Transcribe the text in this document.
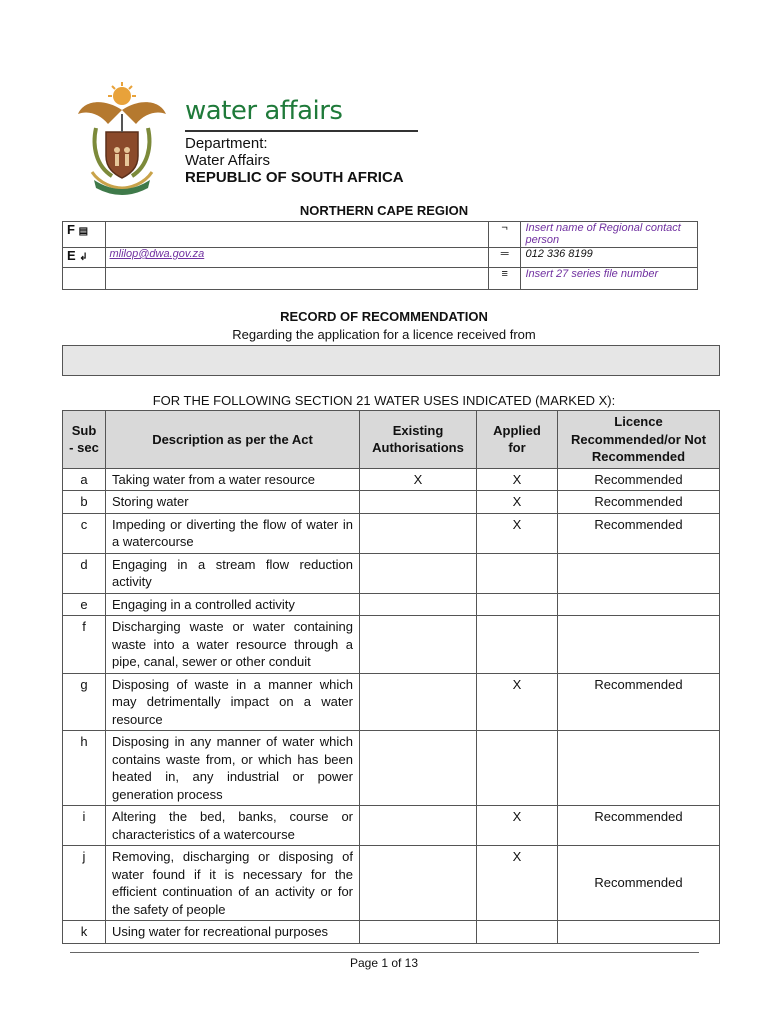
water affairs
Department:
Water Affairs
REPUBLIC OF SOUTH AFRICA
NORTHERN CAPE REGION
F ▤		¬	Insert name of Regional contact person
E ↲	mlilop@dwa.gov.za	═	012 336 8199
		≡	Insert 27 series file number
RECORD OF RECOMMENDATION
Regarding the application for a licence received from
FOR THE FOLLOWING SECTION 21 WATER USES INDICATED (MARKED X):
Sub - sec	Description as per the Act	Existing Authorisations	Applied for	Licence Recommended/or Not Recommended
a	Taking water from a water resource	X	X	Recommended
b	Storing water		X	Recommended
c	Impeding or diverting the flow of water in a watercourse		X	Recommended
d	Engaging in a stream flow reduction activity			
e	Engaging in a controlled activity			
f	Discharging waste or water containing waste into a water resource through a pipe, canal, sewer or other conduit			
g	Disposing of waste in a manner which may detrimentally impact on a water resource		X	Recommended
h	Disposing in any manner of water which contains waste from, or which has been heated in, any industrial or power generation process			
i	Altering the bed, banks, course or characteristics of a watercourse		X	Recommended
j	Removing, discharging or disposing of water found if it is necessary for the efficient continuation of an activity or for the safety of people		X	Recommended
k	Using water for recreational purposes			
Page 1 of 13
